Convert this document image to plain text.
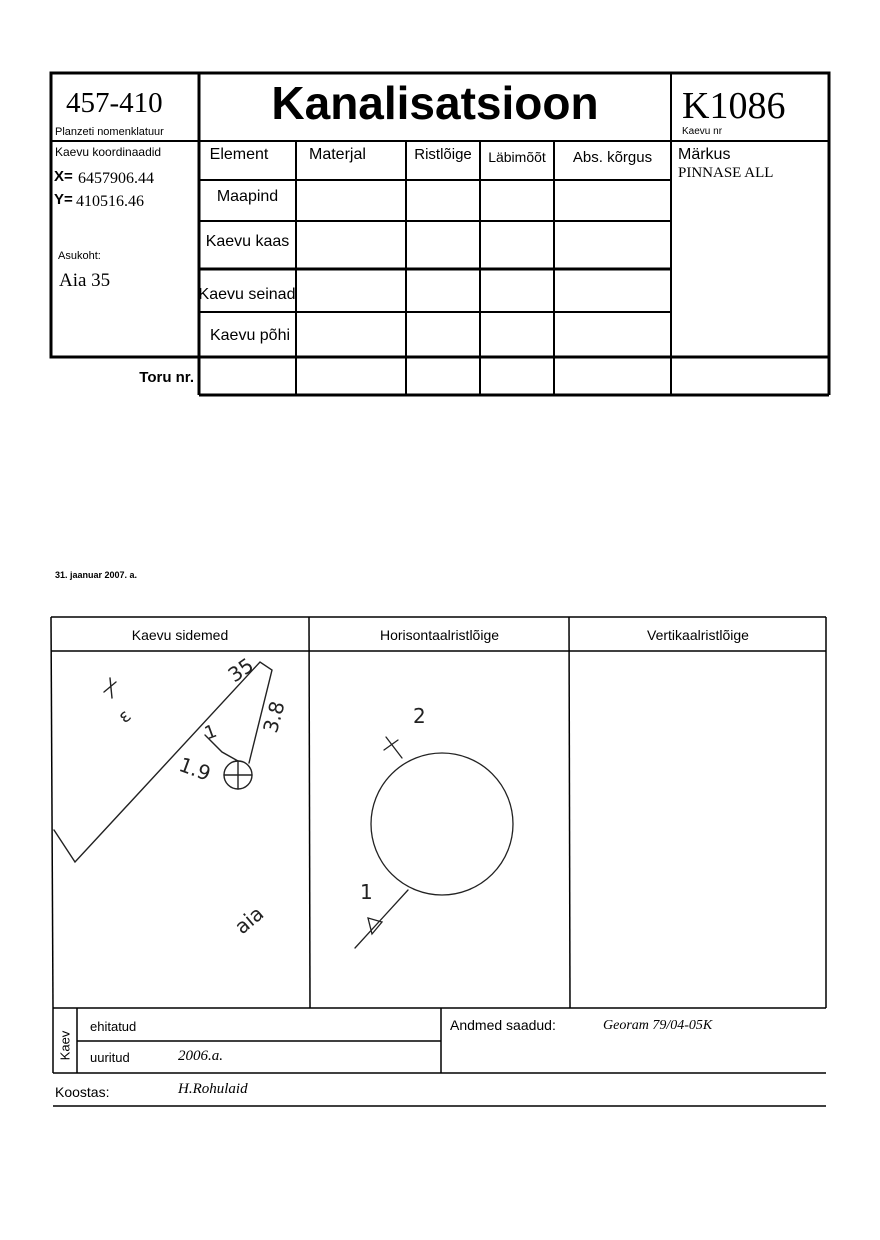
457-410
Planzeti nomenklatuur
Kanalisatsioon	K1086
Kaevu nr
Kaevu koordinaadid
X= 6457906.44
Y= 410516.46
Asukoht:
Aia 35
Element	Materjal	Ristlõige	Läbimõõt	Abs. kõrgus
Maapind
Kaevu kaas
Kaevu seinad
Kaevu põhi
Märkus
PINNASE ALL
Toru nr.
31. jaanuar 2007. a.
Kaevu sidemed	Horisontaalristlõige	Vertikaalristlõige
35
3.8
1.9
1
aia
ε	2
1
Kaev
ehitatud
uuritud	2006.a.
Andmed saadud:	Georam 79/04-05K
Koostas:	H.Rohulaid
